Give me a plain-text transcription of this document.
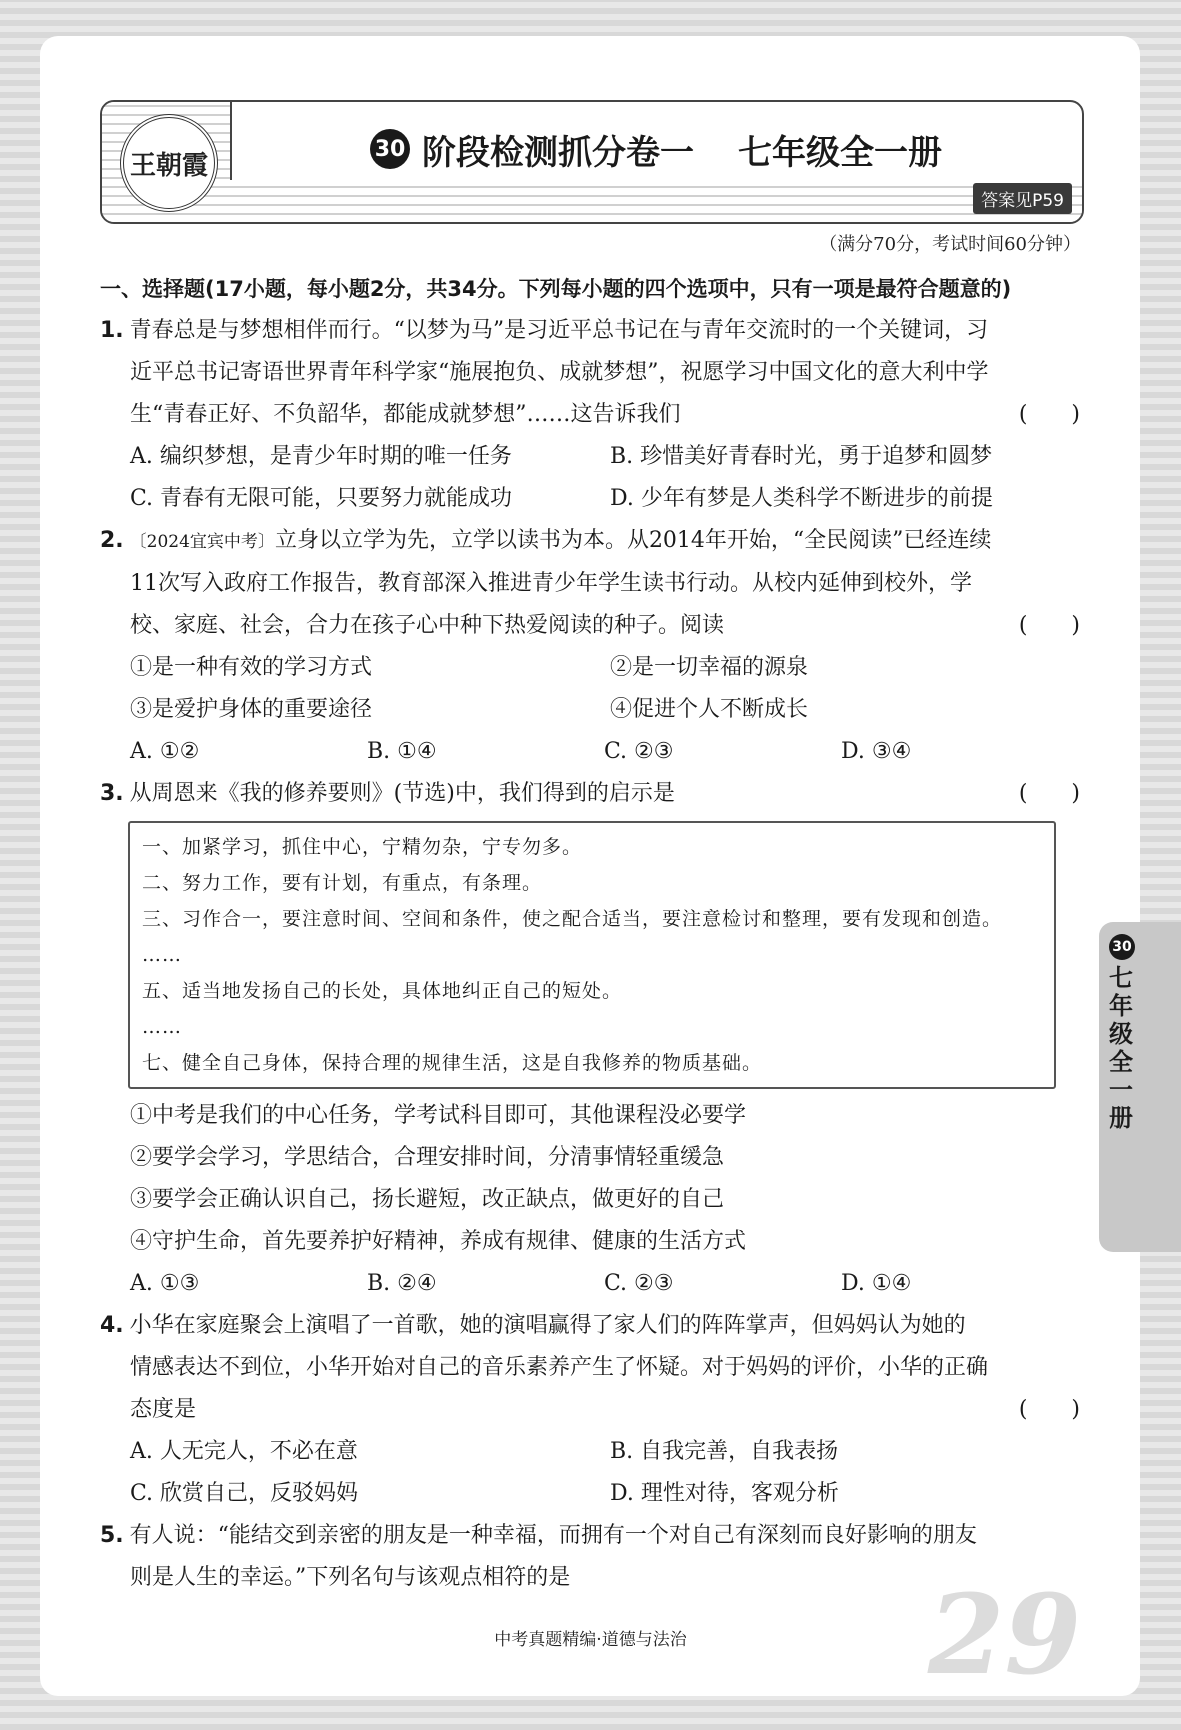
王朝霞
30 阶段检测抓分卷一 七年级全一册
答案见P59
（满分70分，考试时间60分钟）
一、选择题(17小题，每小题2分，共34分。下列每小题的四个选项中，只有一项是最符合题意的)
1. 青春总是与梦想相伴而行。“以梦为马”是习近平总书记在与青年交流时的一个关键词，习
近平总书记寄语世界青年科学家“施展抱负、成就梦想”，祝愿学习中国文化的意大利中学
生“青春正好、不负韶华，都能成就梦想”……这告诉我们	(　　)
A. 编织梦想，是青少年时期的唯一任务	B. 珍惜美好青春时光，勇于追梦和圆梦
C. 青春有无限可能，只要努力就能成功	D. 少年有梦是人类科学不断进步的前提
2. 〔2024宜宾中考〕立身以立学为先，立学以读书为本。从2014年开始，“全民阅读”已经连续
11次写入政府工作报告，教育部深入推进青少年学生读书行动。从校内延伸到校外，学
校、家庭、社会，合力在孩子心中种下热爱阅读的种子。阅读	(　　)
①是一种有效的学习方式	②是一切幸福的源泉
③是爱护身体的重要途径	④促进个人不断成长
A. ①②	B. ①④	C. ②③	D. ③④
3. 从周恩来《我的修养要则》(节选)中，我们得到的启示是	(　　)
一、加紧学习，抓住中心，宁精勿杂，宁专勿多。
二、努力工作，要有计划，有重点，有条理。
三、习作合一，要注意时间、空间和条件，使之配合适当，要注意检讨和整理，要有发现和创造。
……
五、适当地发扬自己的长处，具体地纠正自己的短处。
……
七、健全自己身体，保持合理的规律生活，这是自我修养的物质基础。
①中考是我们的中心任务，学考试科目即可，其他课程没必要学
②要学会学习，学思结合，合理安排时间，分清事情轻重缓急
③要学会正确认识自己，扬长避短，改正缺点，做更好的自己
④守护生命，首先要养护好精神，养成有规律、健康的生活方式
A. ①③	B. ②④	C. ②③	D. ①④
4. 小华在家庭聚会上演唱了一首歌，她的演唱赢得了家人们的阵阵掌声，但妈妈认为她的
情感表达不到位，小华开始对自己的音乐素养产生了怀疑。对于妈妈的评价，小华的正确
态度是	(　　)
A. 人无完人，不必在意	B. 自我完善，自我表扬
C. 欣赏自己，反驳妈妈	D. 理性对待，客观分析
5. 有人说：“能结交到亲密的朋友是一种幸福，而拥有一个对自己有深刻而良好影响的朋友
则是人生的幸运。”下列名句与该观点相符的是
30
七年级全一册
29
中考真题精编·道德与法治
